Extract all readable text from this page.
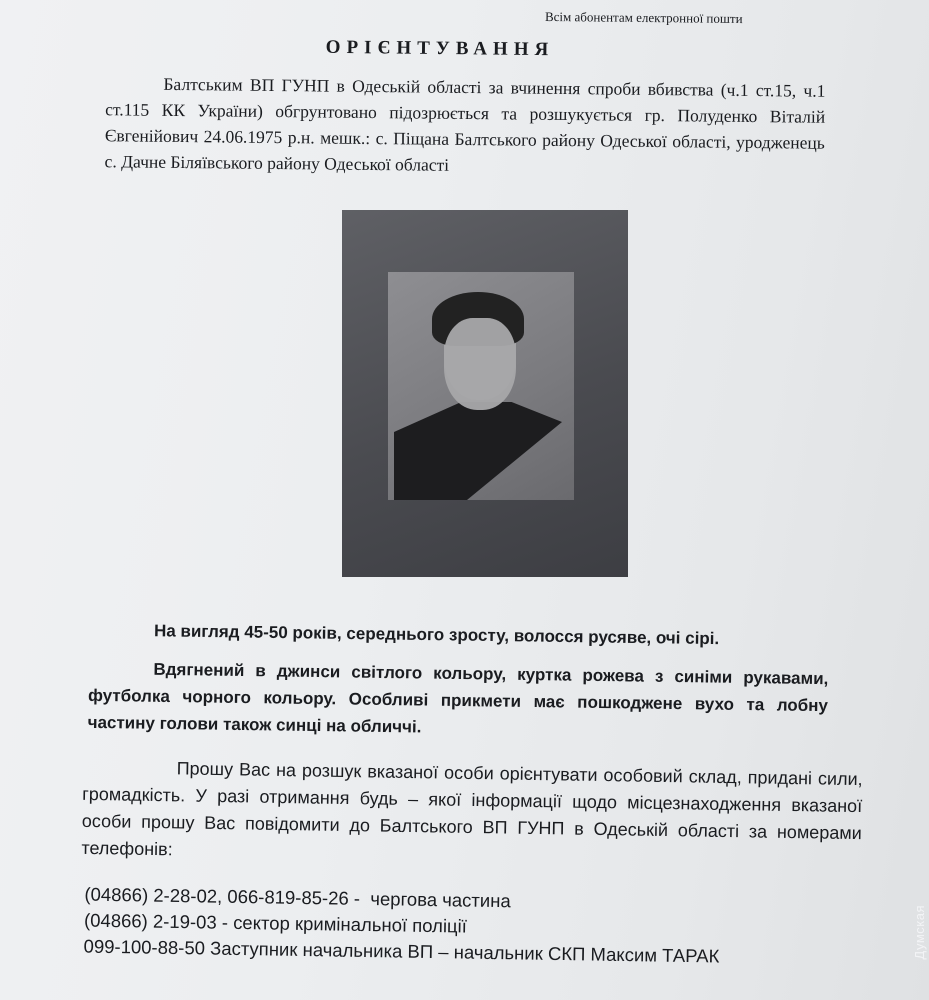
Всім абонентам електронної пошти
ОРІЄНТУВАННЯ
Балтським ВП ГУНП в Одеській області за вчинення спроби вбивства (ч.1 ст.15, ч.1 ст.115 КК України) обгрунтовано підозрюється та розшукується гр. Полуденко Віталій Євгенійович 24.06.1975 р.н. мешк.: с. Піщана Балтського району Одеської області, уродженець с. Дачне Біляївського району Одеської області
На вигляд 45-50 років, середнього зросту, волосся русяве, очі сірі.
Вдягнений в джинси світлого кольору, куртка рожева з синіми рукавами, футболка чорного кольору. Особливі прикмети має пошкоджене вухо та лобну частину голови також синці на обличчі.
Прошу Вас на розшук вказаної особи орієнтувати особовий склад, придані сили, громадкість. У разі отримання будь – якої інформації щодо місцезнаходження вказаної особи прошу Вас повідомити до Балтського ВП ГУНП в Одеській області за номерами телефонів:
(04866) 2-28-02, 066-819-85-26 - чергова частина
(04866) 2-19-03 - сектор кримінальної поліції
099-100-88-50 Заступник начальника ВП – начальник СКП Максим ТАРАК	Думская
